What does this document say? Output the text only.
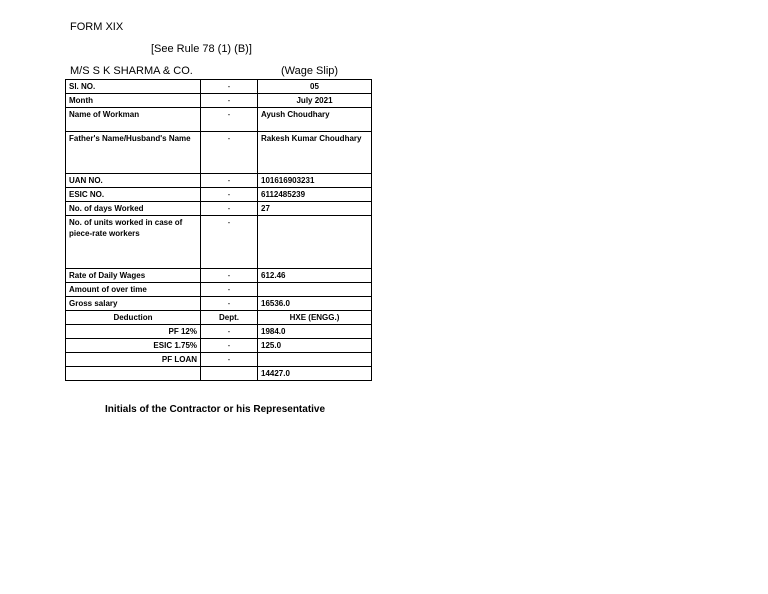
FORM XIX
[See Rule 78 (1) (B)]
M/S S K SHARMA & CO.	(Wage Slip)
Sl. NO.	-	05
Month	-	July 2021
Name of Workman	-	Ayush Choudhary
Father's Name/Husband's Name	-	Rakesh Kumar Choudhary
UAN NO.	-	101616903231
ESIC NO.	-	6112485239
No. of days Worked	-	27
No. of units worked in case of piece-rate workers	-	
Rate of Daily Wages	-	612.46
Amount of over time	-	
Gross salary	-	16536.0
Deduction	Dept.	HXE (ENGG.)
PF 12%	-	1984.0
ESIC 1.75%	-	125.0
PF LOAN	-	
		14427.0
Initials of the Contractor or his Representative
